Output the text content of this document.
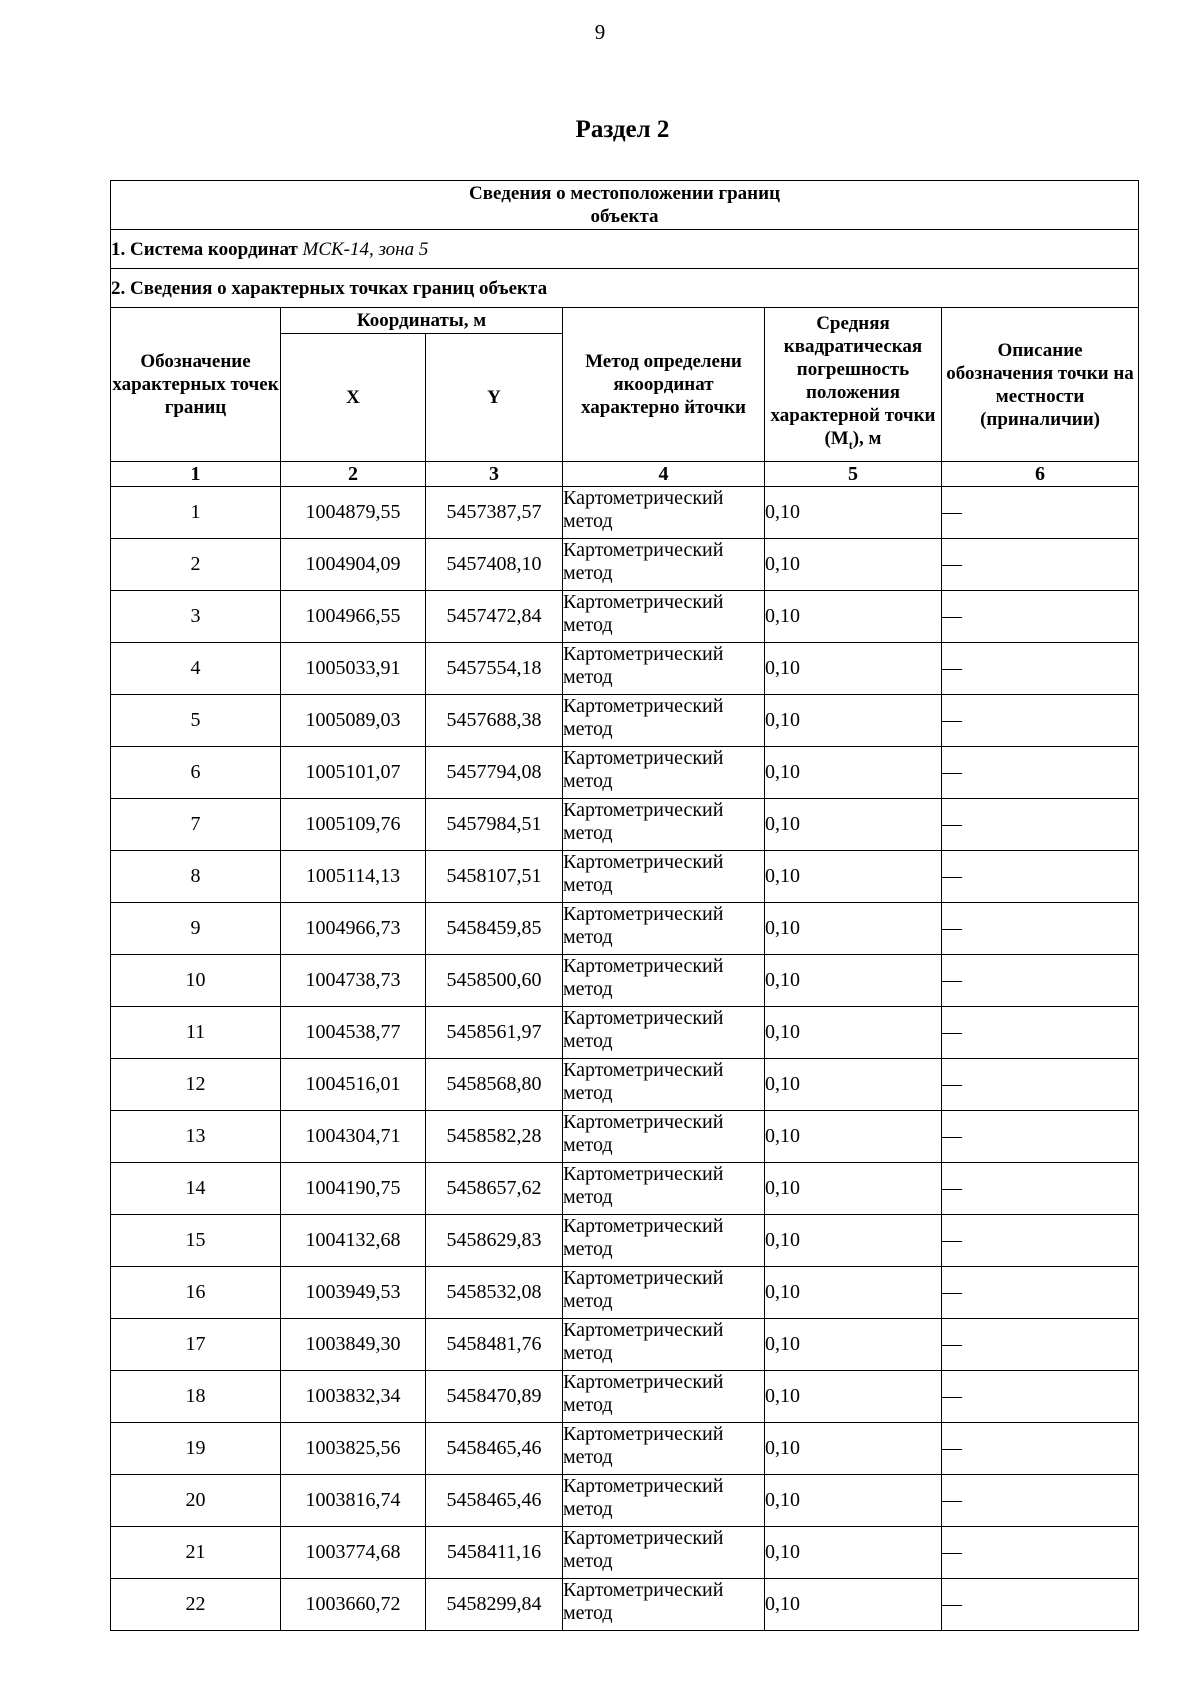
9
Раздел 2
Сведения о местоположении границ
объекта					

1. Система координат МСК-14, зона 5					
2. Сведения о характерных точках границ объекта					
Обозначение характерных точек границ	Координаты, м		Метод определени якоординат характерно йточки	Средняя квадратическая погрешность положения характерной точки $(M_t)$, м	Описание обозначения точки на местности (приналичии)
	X	Y			
1	2	3	4	5	6
1	1004879,55	5457387,57	Картометрический метод	0,10	—
2	1004904,09	5457408,10	Картометрический метод	0,10	—
3	1004966,55	5457472,84	Картометрический метод	0,10	—
4	1005033,91	5457554,18	Картометрический метод	0,10	—
5	1005089,03	5457688,38	Картометрический метод	0,10	—
6	1005101,07	5457794,08	Картометрический метод	0,10	—
7	1005109,76	5457984,51	Картометрический метод	0,10	—
8	1005114,13	5458107,51	Картометрический метод	0,10	—
9	1004966,73	5458459,85	Картометрический метод	0,10	—
10	1004738,73	5458500,60	Картометрический метод	0,10	—
11	1004538,77	5458561,97	Картометрический метод	0,10	—
12	1004516,01	5458568,80	Картометрический метод	0,10	—
13	1004304,71	5458582,28	Картометрический метод	0,10	—
14	1004190,75	5458657,62	Картометрический метод	0,10	—
15	1004132,68	5458629,83	Картометрический метод	0,10	—
16	1003949,53	5458532,08	Картометрический метод	0,10	—
17	1003849,30	5458481,76	Картометрический метод	0,10	—
18	1003832,34	5458470,89	Картометрический метод	0,10	—
19	1003825,56	5458465,46	Картометрический метод	0,10	—
20	1003816,74	5458465,46	Картометрический метод	0,10	—
21	1003774,68	5458411,16	Картометрический метод	0,10	—
22	1003660,72	5458299,84	Картометрический метод	0,10	—
